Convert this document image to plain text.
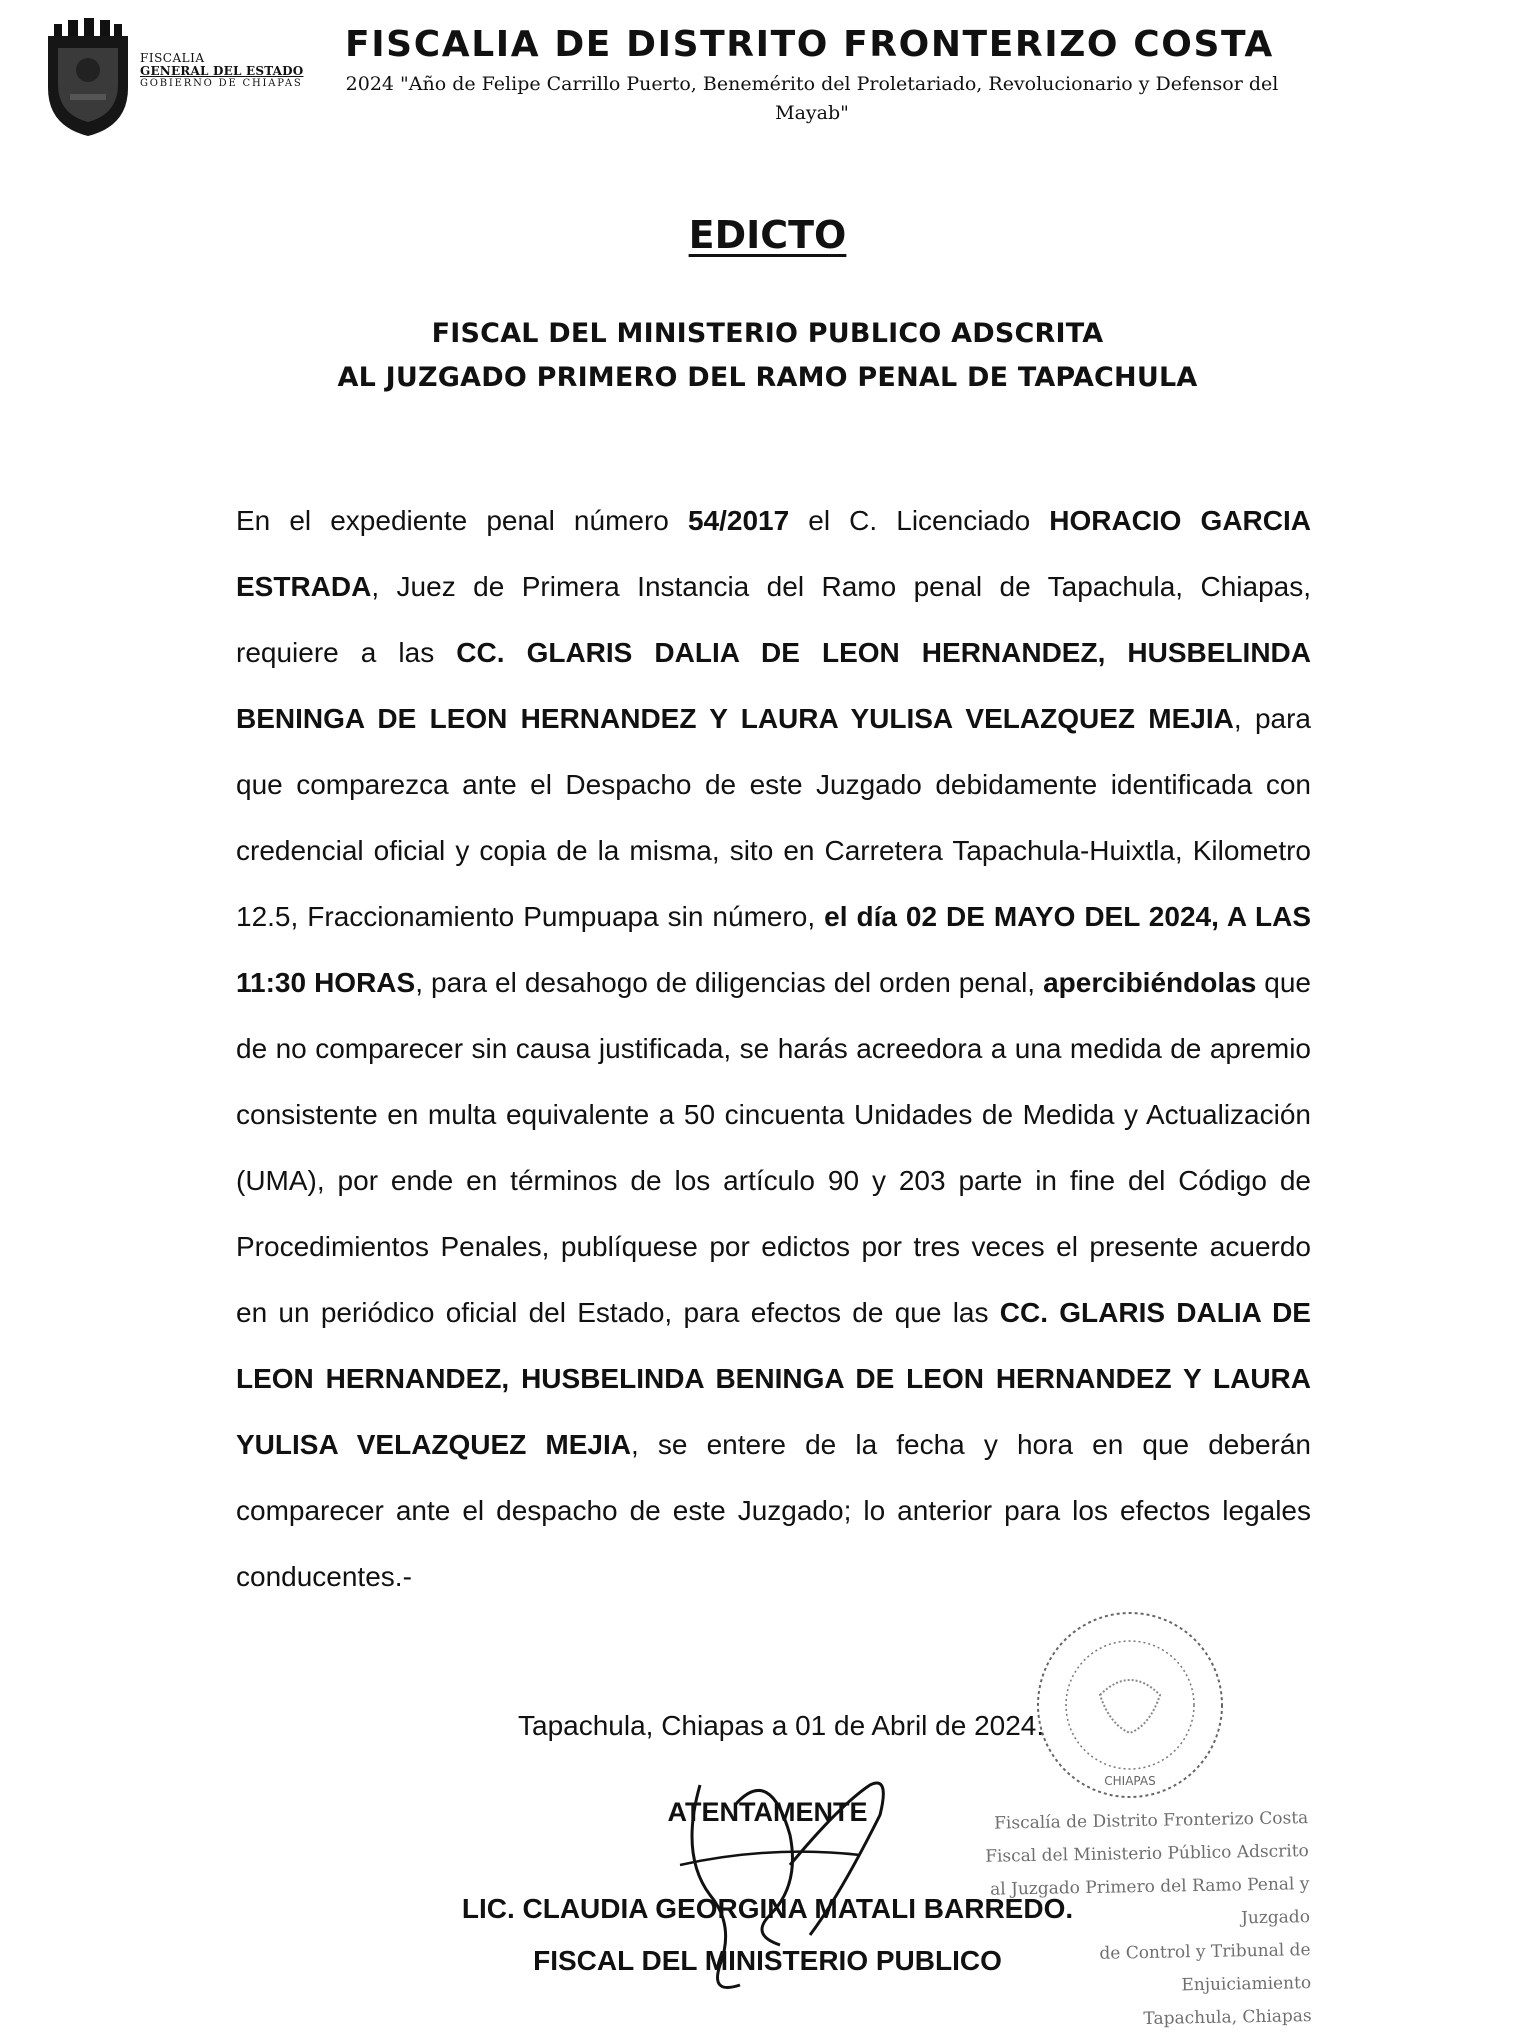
FISCALIA
GENERAL DEL ESTADO
GOBIERNO DE CHIAPAS
FISCALIA DE DISTRITO FRONTERIZO COSTA
2024 "Año de Felipe Carrillo Puerto, Benemérito del Proletariado, Revolucionario y Defensor del Mayab"
EDICTO
FISCAL DEL MINISTERIO PUBLICO ADSCRITA
AL JUZGADO PRIMERO DEL RAMO PENAL DE TAPACHULA
En el expediente penal número 54/2017 el C. Licenciado HORACIO GARCIA ESTRADA, Juez de Primera Instancia del Ramo penal de Tapachula, Chiapas, requiere a las CC. GLARIS DALIA DE LEON HERNANDEZ, HUSBELINDA BENINGA DE LEON HERNANDEZ Y LAURA YULISA VELAZQUEZ MEJIA, para que comparezca ante el Despacho de este Juzgado debidamente identificada con credencial oficial y copia de la misma, sito en Carretera Tapachula-Huixtla, Kilometro 12.5, Fraccionamiento Pumpuapa sin número, el día 02 DE MAYO DEL 2024, A LAS 11:30 HORAS, para el desahogo de diligencias del orden penal, apercibiéndolas que de no comparecer sin causa justificada, se harás acreedora a una medida de apremio consistente en multa equivalente a 50 cincuenta Unidades de Medida y Actualización (UMA), por ende en términos de los artículo 90 y 203 parte in fine del Código de Procedimientos Penales, publíquese por edictos por tres veces el presente acuerdo en un periódico oficial del Estado, para efectos de que las CC. GLARIS DALIA DE LEON HERNANDEZ, HUSBELINDA BENINGA DE LEON HERNANDEZ Y LAURA YULISA VELAZQUEZ MEJIA, se entere de la fecha y hora en que deberán comparecer ante el despacho de este Juzgado; lo anterior para los efectos legales conducentes.-
CHIAPAS
Tapachula, Chiapas a 01 de Abril de 2024.
ATENTAMENTE	Fiscalía de Distrito Fronterizo Costa
Fiscal del Ministerio Público Adscrito
al Juzgado Primero del Ramo Penal y Juzgado
de Control y Tribunal de Enjuiciamiento
Tapachula, Chiapas
LIC. CLAUDIA GEORGINA MATALI BARREDO.
FISCAL DEL MINISTERIO PUBLICO
